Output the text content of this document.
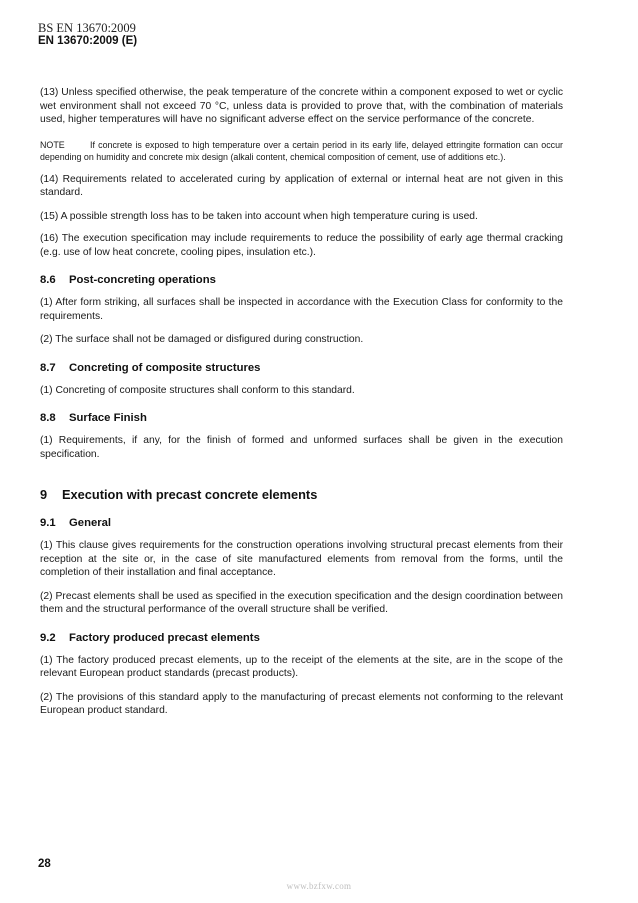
BS EN 13670:2009
EN 13670:2009 (E)

(13) Unless specified otherwise, the peak temperature of the concrete within a component exposed to wet or cyclic wet environment shall not exceed 70 °C, unless data is provided to prove that, with the combination of materials used, higher temperatures will have no significant adverse effect on the service performance of the concrete.

NOTE	If concrete is exposed to high temperature over a certain period in its early life, delayed ettringite formation can occur depending on humidity and concrete mix design (alkali content, chemical composition of cement, use of additions etc.).

(14) Requirements related to accelerated curing by application of external or internal heat are not given in this standard.

(15) A possible strength loss has to be taken into account when high temperature curing is used.

(16) The execution specification may include requirements to reduce the possibility of early age thermal cracking (e.g. use of low heat concrete, cooling pipes, insulation etc.).

8.6	Post-concreting operations

(1) After form striking, all surfaces shall be inspected in accordance with the Execution Class for conformity to the requirements.

(2) The surface shall not be damaged or disfigured during construction.

8.7	Concreting of composite structures

(1) Concreting of composite structures shall conform to this standard.

8.8	Surface Finish

(1) Requirements, if any, for the finish of formed and unformed surfaces shall be given in the execution specification.

9	Execution with precast concrete elements
9.1	General

(1) This clause gives requirements for the construction operations involving structural precast elements from their reception at the site or, in the case of site manufactured elements from removal from the forms, until the completion of their installation and final acceptance.

(2) Precast elements shall be used as specified in the execution specification and the design coordination between them and the structural performance of the overall structure shall be verified.

9.2	Factory produced precast elements

(1) The factory produced precast elements, up to the receipt of the elements at the site, are in the scope of the relevant European product standards (precast products).

(2) The provisions of this standard apply to the manufacturing of precast elements not conforming to the relevant European product standard.

28
www.bzfxw.com
